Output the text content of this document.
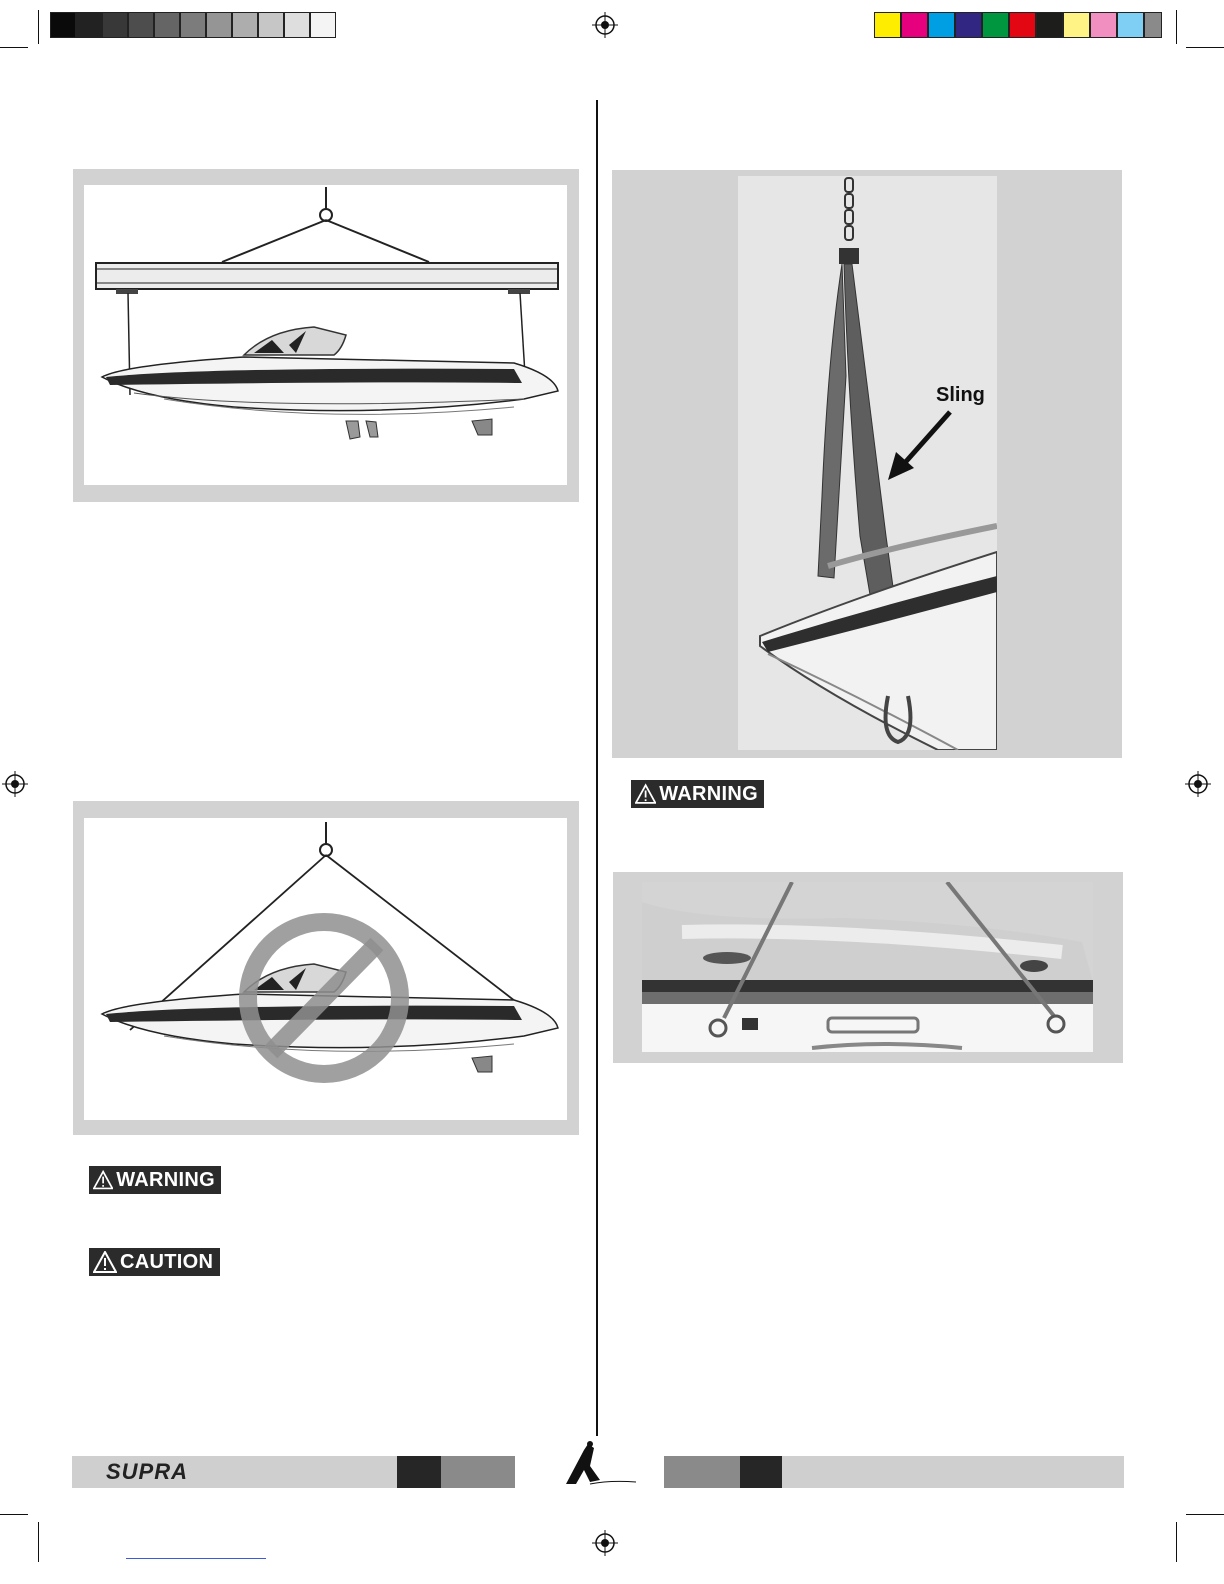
WARNING
CAUTION
Sling
WARNING
SUPRA
